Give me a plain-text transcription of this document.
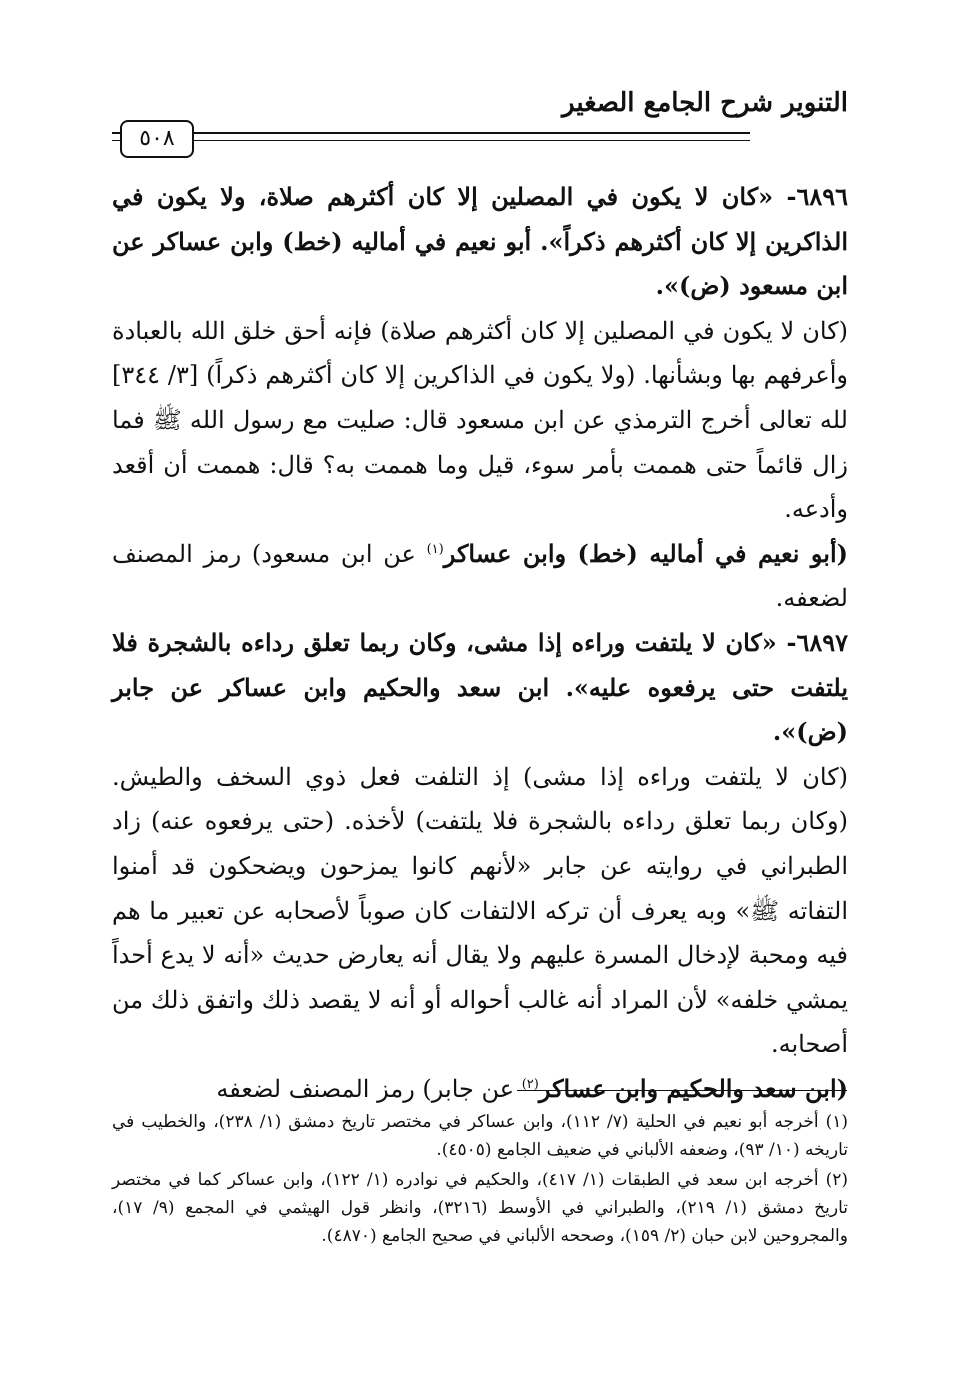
التنوير شرح الجامع الصغير
٥٠٨

٦٨٩٦- «كان لا يكون في المصلين إلا كان أكثرهم صلاة، ولا يكون في الذاكرين إلا كان أكثرهم ذكراً». أبو نعيم في أماليه (خط) وابن عساكر عن ابن مسعود (ض)».

(كان لا يكون في المصلين إلا كان أكثرهم صلاة) فإنه أحق خلق الله بالعبادة وأعرفهم بها وبشأنها. (ولا يكون في الذاكرين إلا كان أكثرهم ذكراً) [٣/ ٣٤٤] لله تعالى أخرج الترمذي عن ابن مسعود قال: صليت مع رسول الله ﷺ فما زال قائماً حتى هممت بأمر سوء، قيل وما هممت به؟ قال: هممت أن أقعد وأدعه.

(أبو نعيم في أماليه (خط) وابن عساكر$^{(١)}$ عن ابن مسعود) رمز المصنف لضعفه.

٦٨٩٧- «كان لا يلتفت وراءه إذا مشى، وكان ربما تعلق رداءه بالشجرة فلا يلتفت حتى يرفعوه عليه». ابن سعد والحكيم وابن عساكر عن جابر (ض)».

(كان لا يلتفت وراءه إذا مشى) إذ التلفت فعل ذوي السخف والطيش. (وكان ربما تعلق رداءه بالشجرة فلا يلتفت) لأخذه. (حتى يرفعوه عنه) زاد الطبراني في روايته عن جابر «لأنهم كانوا يمزحون ويضحكون قد أمنوا التفاته ﷺ» وبه يعرف أن تركه الالتفات كان صوباً لأصحابه عن تعبير ما هم فيه ومحبة لإدخال المسرة عليهم ولا يقال أنه يعارض حديث «أنه لا يدع أحداً يمشي خلفه» لأن المراد أنه غالب أحواله أو أنه لا يقصد ذلك واتفق ذلك من أصحابه.

(ابن سعد والحكيم وابن عساكر$^{(٢)}$ عن جابر) رمز المصنف لضعفه

(١) أخرجه أبو نعيم في الحلية (٧/ ١١٢)، وابن عساكر في مختصر تاريخ دمشق (١/ ٢٣٨)، والخطيب في تاريخه (١٠/ ٩٣)، وضعفه الألباني في ضعيف الجامع (٤٥٠٥).

(٢) أخرجه ابن سعد في الطبقات (١/ ٤١٧)، والحكيم في نوادره (١/ ١٢٢)، وابن عساكر كما في مختصر تاريخ دمشق (١/ ٢١٩)، والطبراني في الأوسط (٣٢١٦)، وانظر قول الهيثمي في المجمع (٩/ ١٧)، والمجروحين لابن حبان (٢/ ١٥٩)، وصححه الألباني في صحيح الجامع (٤٨٧٠).
